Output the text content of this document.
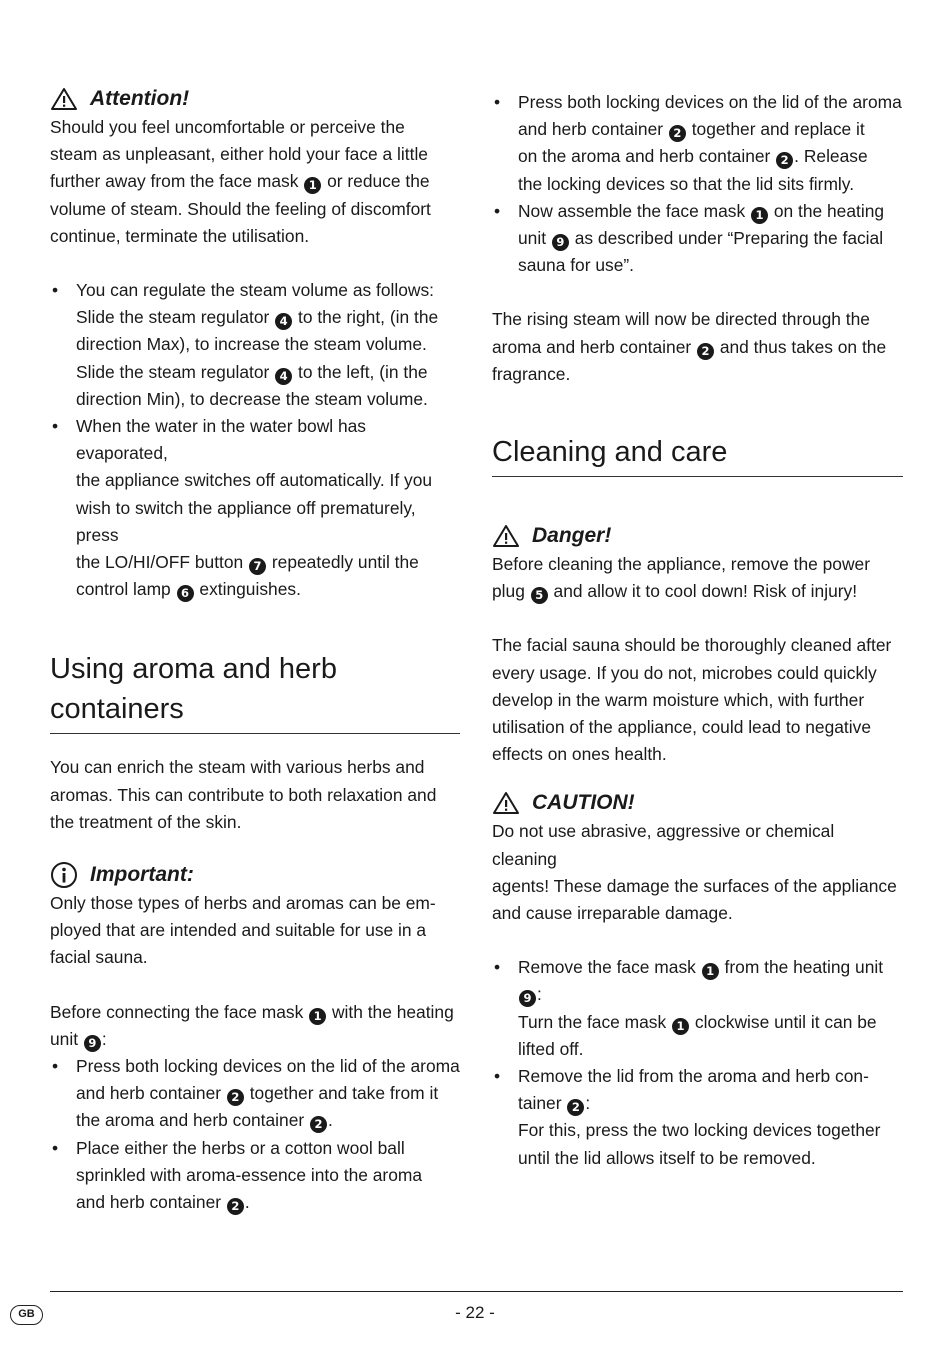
Attention!

Should you feel uncomfortable or perceive the
steam as unpleasant, either hold your face a little
further away from the face mask 1 or reduce the
volume of steam. Should the feeling of discomfort
continue, terminate the utilisation.

• You can regulate the steam volume as follows:
Slide the steam regulator 4 to the right, (in the
direction Max), to increase the steam volume.
Slide the steam regulator 4 to the left, (in the
direction Min), to decrease the steam volume.
• When the water in the water bowl has evaporated,
the appliance switches off automatically. If you
wish to switch the appliance off prematurely, press
the LO/HI/OFF button 7 repeatedly until the
control lamp 6 extinguishes.
Using aroma and herb containers

You can enrich the steam with various herbs and
aromas. This can contribute to both relaxation and
the treatment of the skin.

Important:

Only those types of herbs and aromas can be em-
ployed that are intended and suitable for use in a
facial sauna.

Before connecting the face mask 1 with the heating
unit 9 :

• Press both locking devices on the lid of the aroma
and herb container 2 together and take from it
the aroma and herb container 2 .
• Place either the herbs or a cotton wool ball
sprinkled with aroma-essence into the aroma
and herb container 2 .
• Press both locking devices on the lid of the aroma
and herb container 2 together and replace it
on the aroma and herb container 2 . Release
the locking devices so that the lid sits firmly.
• Now assemble the face mask 1 on the heating
unit 9 as described under “Preparing the facial
sauna for use”.

The rising steam will now be directed through the
aroma and herb container 2 and thus takes on the
fragrance.

Cleaning and care
Danger!

Before cleaning the appliance, remove the power
plug 5 and allow it to cool down! Risk of injury!

The facial sauna should be thoroughly cleaned after
every usage. If you do not, microbes could quickly
develop in the warm moisture which, with further
utilisation of the appliance, could lead to negative
effects on ones health.

CAUTION!

Do not use abrasive, aggressive or chemical cleaning
agents! These damage the surfaces of the appliance
and cause irreparable damage.

• Remove the face mask 1 from the heating unit 9 :
Turn the face mask 1 clockwise until it can be
lifted off.
• Remove the lid from the aroma and herb con-
tainer 2 :
For this, press the two locking devices together
until the lid allows itself to be removed.
GB	- 22 -
